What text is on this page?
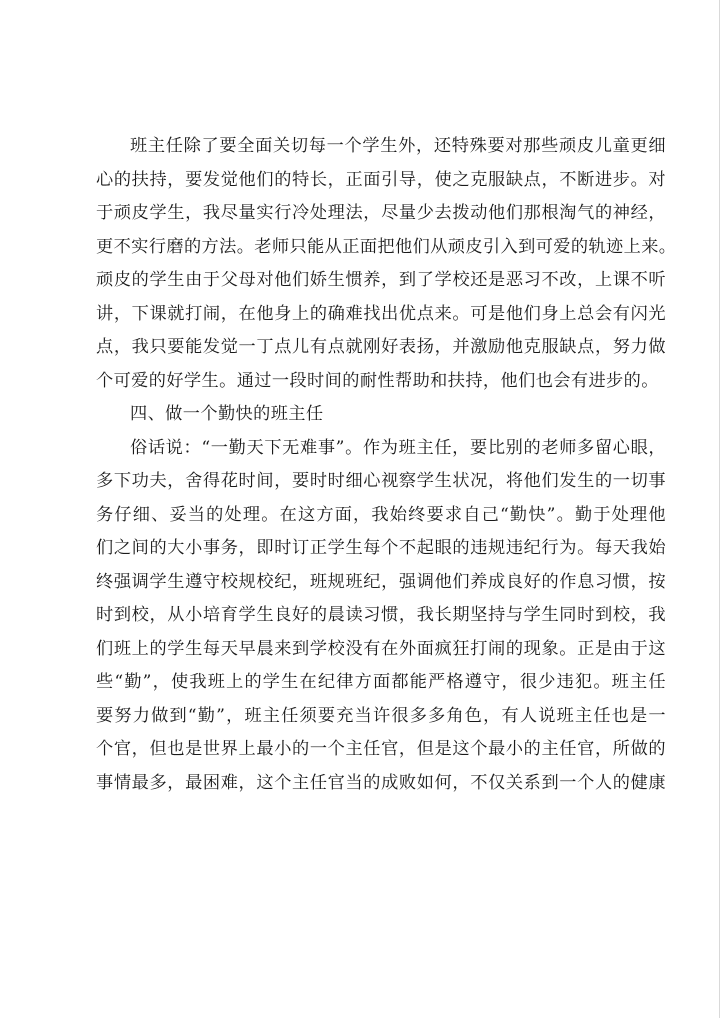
班主任除了要全面关切每一个学生外，还特殊要对那些顽皮儿童更细
心的扶持，要发觉他们的特长，正面引导，使之克服缺点，不断进步。对
于顽皮学生，我尽量实行冷处理法，尽量少去拨动他们那根淘气的神经，
更不实行磨的方法。老师只能从正面把他们从顽皮引入到可爱的轨迹上来。
顽皮的学生由于父母对他们娇生惯养，到了学校还是恶习不改，上课不听
讲，下课就打闹，在他身上的确难找出优点来。可是他们身上总会有闪光
点，我只要能发觉一丁点儿有点就刚好表扬，并激励他克服缺点，努力做
个可爱的好学生。通过一段时间的耐性帮助和扶持，他们也会有进步的。
四、做一个勤快的班主任
俗话说：“一勤天下无难事”。作为班主任，要比别的老师多留心眼，
多下功夫，舍得花时间，要时时细心视察学生状况，将他们发生的一切事
务仔细、妥当的处理。在这方面，我始终要求自己“勤快”。勤于处理他
们之间的大小事务，即时订正学生每个不起眼的违规违纪行为。每天我始
终强调学生遵守校规校纪，班规班纪，强调他们养成良好的作息习惯，按
时到校，从小培育学生良好的晨读习惯，我长期坚持与学生同时到校，我
们班上的学生每天早晨来到学校没有在外面疯狂打闹的现象。正是由于这
些“勤”，使我班上的学生在纪律方面都能严格遵守，很少违犯。班主任
要努力做到“勤”，班主任须要充当许很多多角色，有人说班主任也是一
个官，但也是世界上最小的一个主任官，但是这个最小的主任官，所做的
事情最多，最困难，这个主任官当的成败如何，不仅关系到一个人的健康
